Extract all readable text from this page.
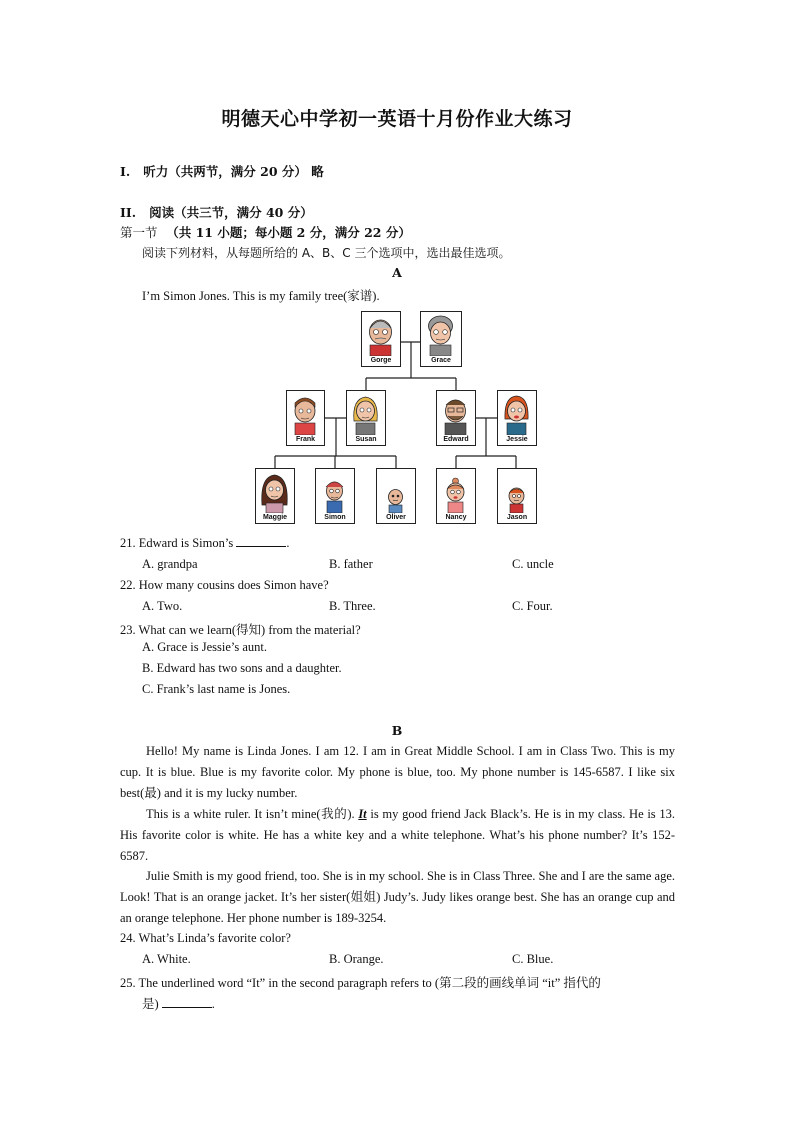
明德天心中学初一英语十月份作业大练习
I. 听力（共两节，满分 20 分） 略
II. 阅读（共三节，满分 40 分）
第一节 （共 11 小题；每小题 2 分，满分 22 分）
阅读下列材料，从每题所给的 A、B、C 三个选项中，选出最佳选项。
A
I’m Simon Jones. This is my family tree(家谱).
Gorge	Grace
Frank	Susan	Edward	Jessie
Maggie	Simon	Oliver	Nancy	Jason
21. Edward is Simon’s	.
A. grandpa	B. father	C. uncle
22. How many cousins does Simon have?
A. Two.	B. Three.	C. Four.
23. What can we learn(得知) from the material?
A. Grace is Jessie’s aunt.
B. Edward has two sons and a daughter.
C. Frank’s last name is Jones.
B

Hello! My name is Linda Jones. I am 12. I am in Great Middle School. I am in Class Two. This is my cup. It is blue. Blue is my favorite color. My phone is blue, too. My phone number is 145-6587. I like six best(最) and it is my lucky number.

This is a white ruler. It isn’t mine(我的). It is my good friend Jack Black’s. He is in my class. He is 13. His favorite color is white. He has a white key and a white telephone. What’s his phone number? It’s 152-6587.

Julie Smith is my good friend, too. She is in my school. She is in Class Three. She and I are the same age. Look! That is an orange jacket. It’s her sister(姐姐) Judy’s. Judy likes orange best. She has an orange cup and an orange telephone. Her phone number is 189-3254.

24. What’s Linda’s favorite color?
A. White.	B. Orange.	C. Blue.
25. The underlined word “It” in the second paragraph refers to (第二段的画线单词 “it” 指代的
是)	.
